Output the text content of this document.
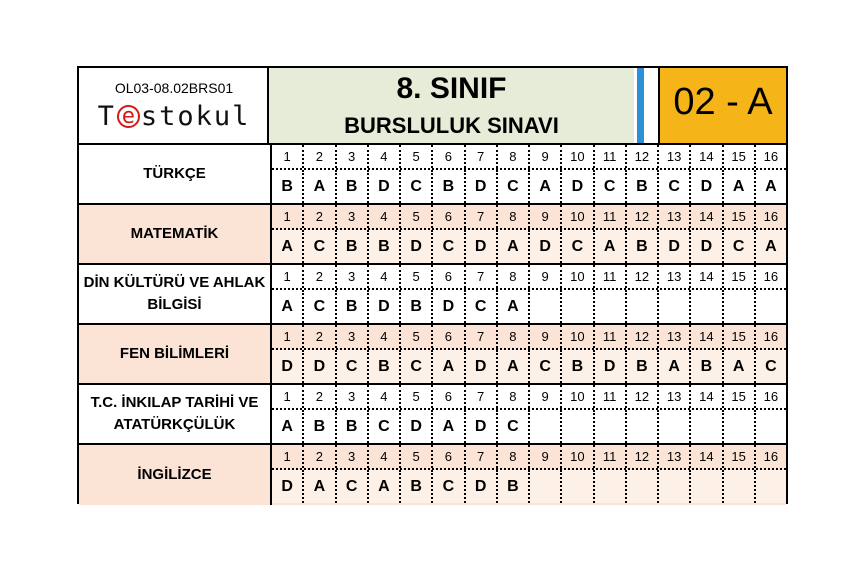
OL03-08.02BRS01
T e stokul
8. SINIF
BURSLULUK SINAVI
02 - A
TÜRKÇE
1	2	3	4	5	6	7	8	9	10	11	12	13	14	15	16
B	A	B	D	C	B	D	C	A	D	C	B	C	D	A	A
MATEMATİK
1	2	3	4	5	6	7	8	9	10	11	12	13	14	15	16
A	C	B	B	D	C	D	A	D	C	A	B	D	D	C	A
DİN KÜLTÜRÜ VE AHLAK BİLGİSİ
1	2	3	4	5	6	7	8	9	10	11	12	13	14	15	16
A	C	B	D	B	D	C	A
FEN BİLİMLERİ
1	2	3	4	5	6	7	8	9	10	11	12	13	14	15	16
D	D	C	B	C	A	D	A	C	B	D	B	A	B	A	C
T.C. İNKILAP TARİHİ VE ATATÜRKÇÜLÜK
1	2	3	4	5	6	7	8	9	10	11	12	13	14	15	16
A	B	B	C	D	A	D	C
İNGİLİZCE
1	2	3	4	5	6	7	8	9	10	11	12	13	14	15	16
D	A	C	A	B	C	D	B
